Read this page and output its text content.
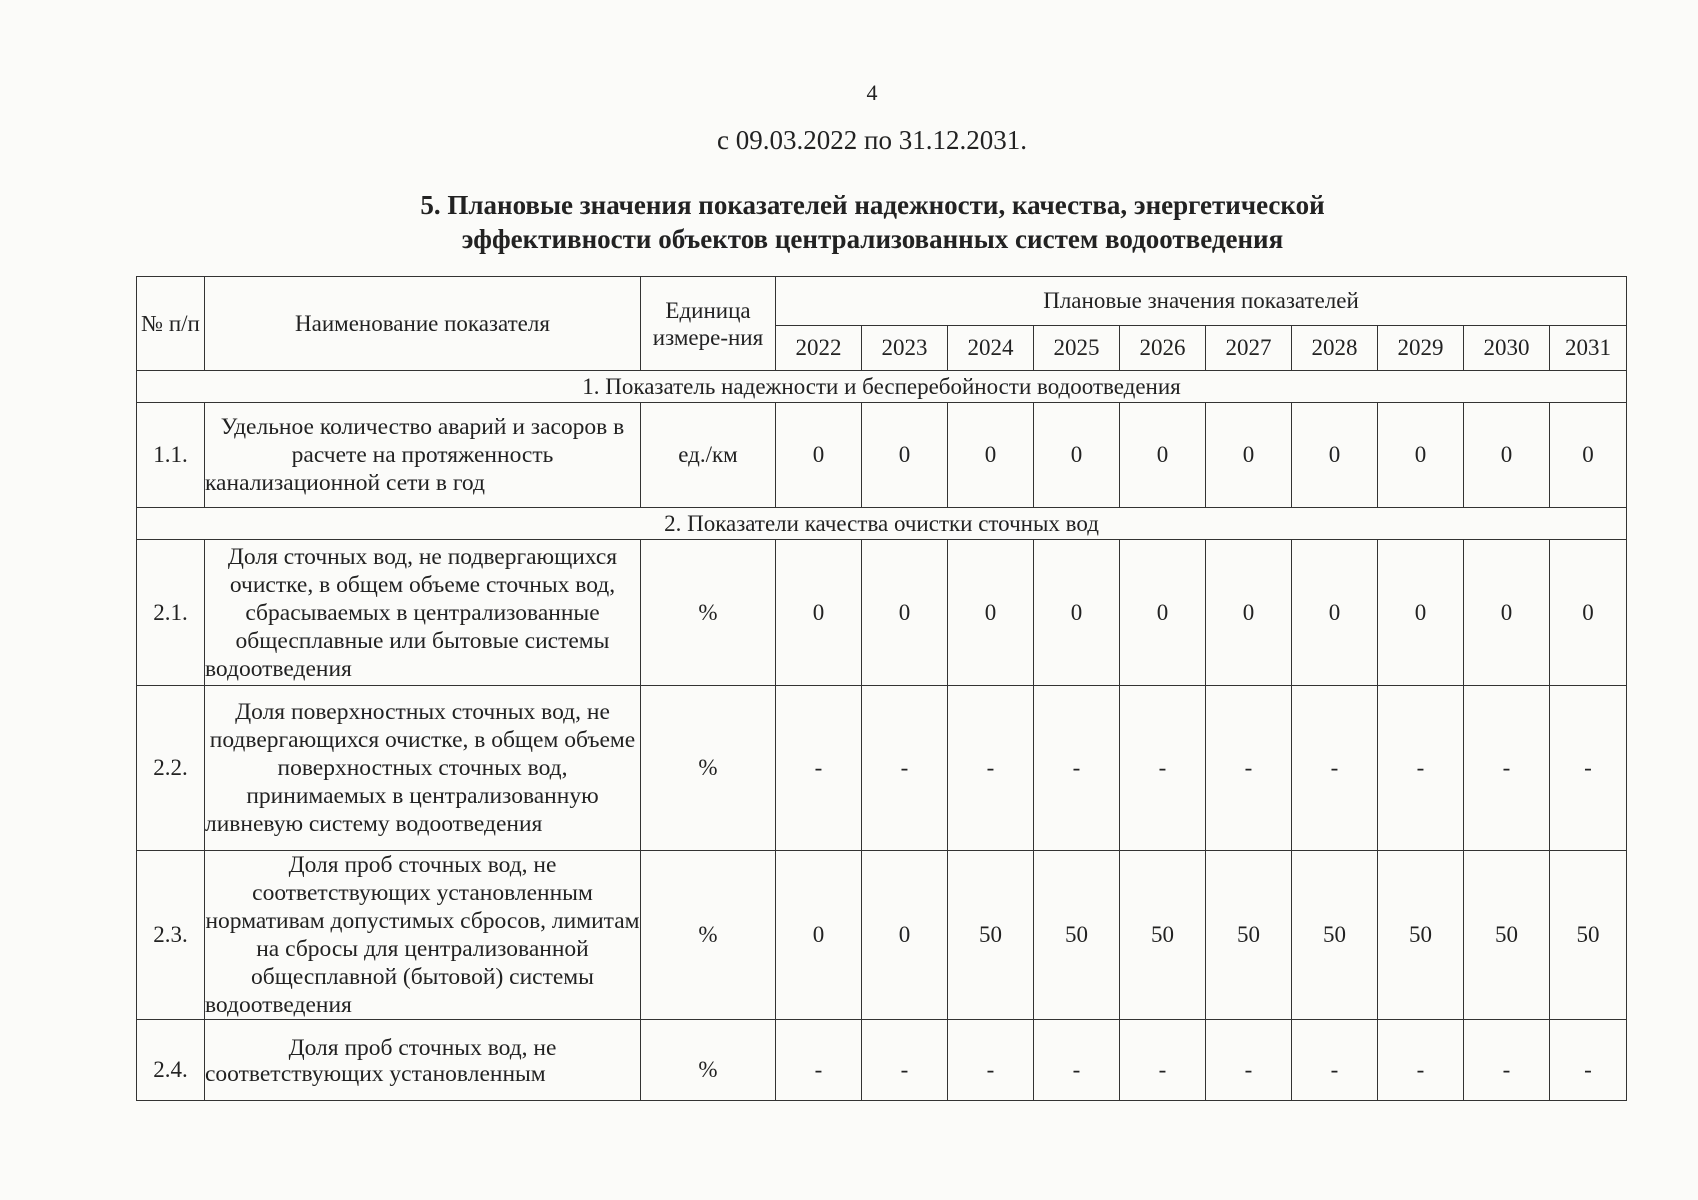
4
с 09.03.2022 по 31.12.2031.
5. Плановые значения показателей надежности, качества, энергетической эффективности объектов централизованных систем водоотведения
№ п/п	Наименование показателя	Единица измере-ния	Плановые значения показателей									
			2022	2023	2024	2025	2026	2027	2028	2029	2030	2031
1. Показатель надежности и бесперебойности водоотведения												
1.1.	Удельное количество аварий и засоров в расчете на протяженность канализационной сети в год	ед./км	0	0	0	0	0	0	0	0	0	0
2. Показатели качества очистки сточных вод												
2.1.	Доля сточных вод, не подвергающихся очистке, в общем объеме сточных вод, сбрасываемых в централизованные общесплавные или бытовые системы водоотведения	%	0	0	0	0	0	0	0	0	0	0
2.2.	Доля поверхностных сточных вод, не подвергающихся очистке, в общем объеме поверхностных сточных вод, принимаемых в централизованную ливневую систему водоотведения	%	-	-	-	-	-	-	-	-	-	-
2.3.	Доля проб сточных вод, не соответствующих установленным нормативам допустимых сбросов, лимитам на сбросы для централизованной общесплавной (бытовой) системы водоотведения	%	0	0	50	50	50	50	50	50	50	50
2.4.	Доля проб сточных вод, не соответствующих установленным	%	-	-	-	-	-	-	-	-	-	-
